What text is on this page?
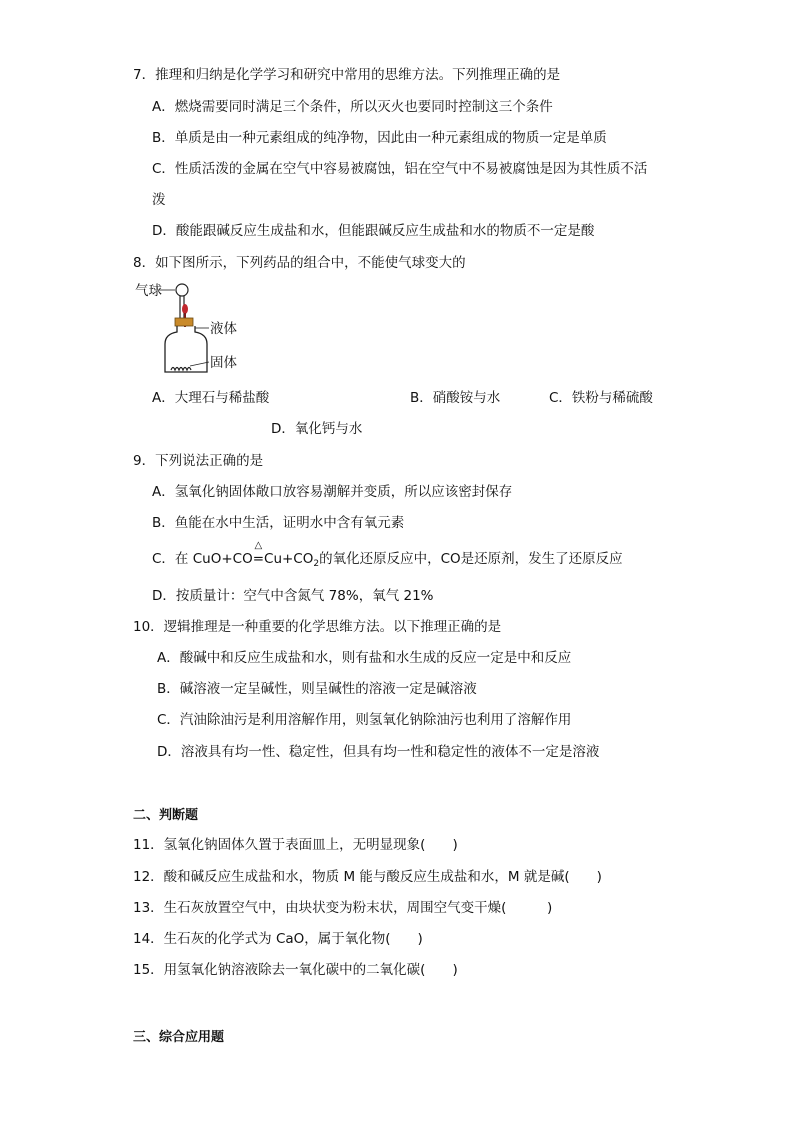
7．推理和归纳是化学学习和研究中常用的思维方法。下列推理正确的是
A．燃烧需要同时满足三个条件，所以灭火也要同时控制这三个条件
B．单质是由一种元素组成的纯净物，因此由一种元素组成的物质一定是单质
C．性质活泼的金属在空气中容易被腐蚀，铝在空气中不易被腐蚀是因为其性质不活
泼
D．酸能跟碱反应生成盐和水，但能跟碱反应生成盐和水的物质不一定是酸
8．如下图所示，下列药品的组合中，不能使气球变大的
气球
液体
固体
A．大理石与稀盐酸	B．硝酸铵与水	C．铁粉与稀硫酸
D．氧化钙与水
9．下列说法正确的是
A．氢氧化钠固体敞口放容易潮解并变质，所以应该密封保存
B．鱼能在水中生活，证明水中含有氧元素
C．在 CuO+CO
△
$=Cu+CO_2$的氧化还原反应中，CO是还原剂，发生了还原反应
D．按质量计：空气中含氮气 78%，氧气 21%
10．逻辑推理是一种重要的化学思维方法。以下推理正确的是
A．酸碱中和反应生成盐和水，则有盐和水生成的反应一定是中和反应
B．碱溶液一定呈碱性，则呈碱性的溶液一定是碱溶液
C．汽油除油污是利用溶解作用，则氢氧化钠除油污也利用了溶解作用
D．溶液具有均一性、稳定性，但具有均一性和稳定性的液体不一定是溶液
二、判断题
11．氢氧化钠固体久置于表面皿上，无明显现象(　　)
12．酸和碱反应生成盐和水，物质 M 能与酸反应生成盐和水，M 就是碱(　　)
13．生石灰放置空气中，由块状变为粉末状，周围空气变干燥(　　　)
14．生石灰的化学式为 CaO，属于氧化物(　　)
15．用氢氧化钠溶液除去一氧化碳中的二氧化碳(　　)
三、综合应用题
